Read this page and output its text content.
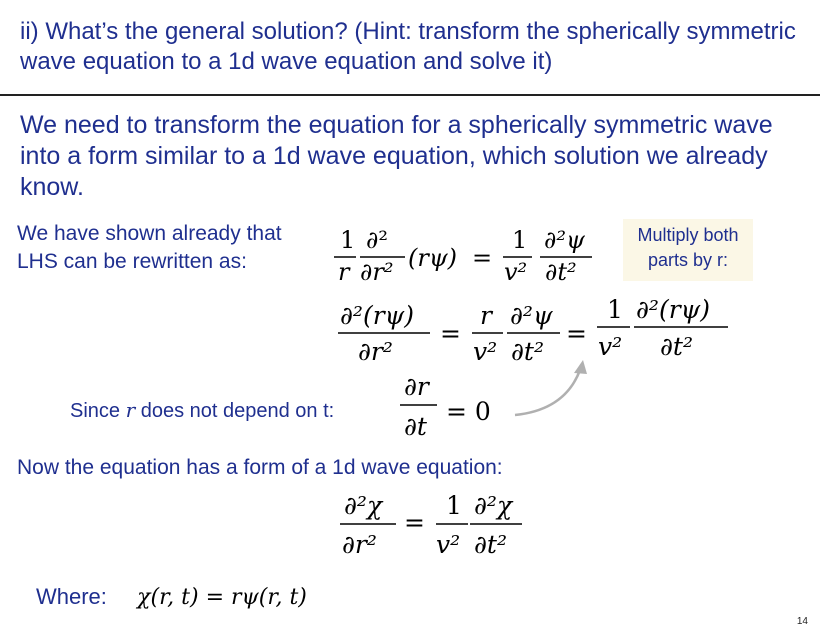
ii) What’s the general solution? (Hint: transform the spherically symmetric wave equation to a 1d wave equation and solve it)
We need to transform the equation for a spherically symmetric wave into a form similar to a 1d wave equation, which solution we already know.
We have shown already that
LHS can be rewritten as:
Multiply both
parts by r:
Since r does not depend on t:
Now the equation has a form of a 1d wave equation:
Where: χ(r, t) = rψ(r, t)
14
1
r
∂²
∂r² (rψ) =
1
v²
∂²ψ
∂t²
∂²(rψ)
∂r²
=
r
v²
∂²ψ
∂t²
=
1
v²
∂²(rψ)
∂t²
∂r
∂t
= 0
∂²χ
∂r²
=
1
v²
∂²χ
∂t²
